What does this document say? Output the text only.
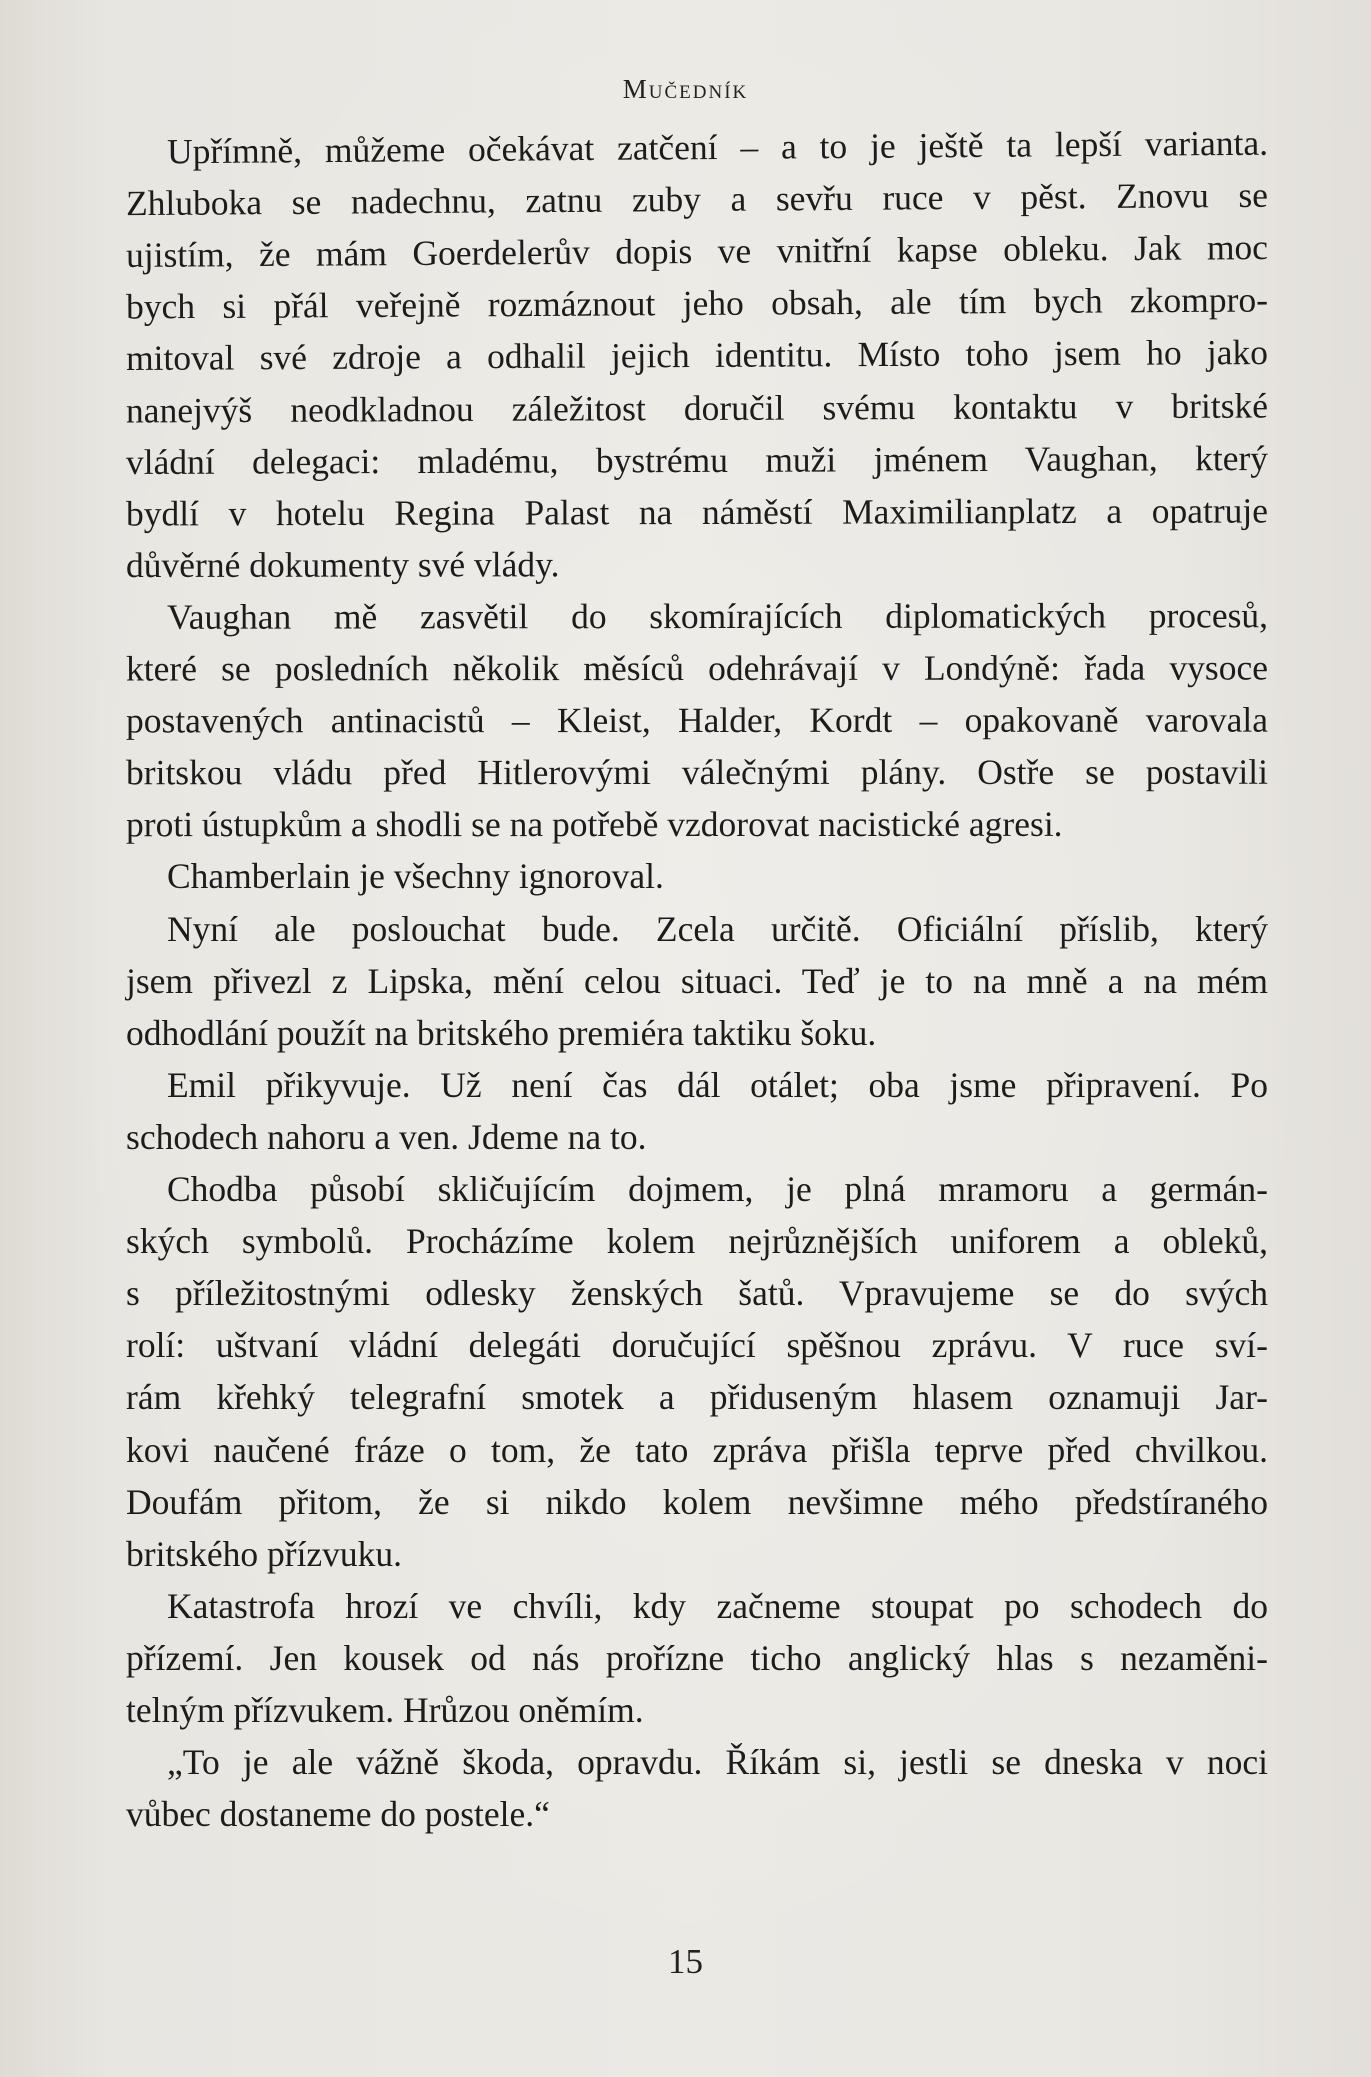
Mučedník
Upřímně, můžeme očekávat zatčení – a to je ještě ta lepší varianta.
Zhluboka se nadechnu, zatnu zuby a sevřu ruce v pěst. Znovu se
ujistím, že mám Goerdelerův dopis ve vnitřní kapse obleku. Jak moc
bych si přál veřejně rozmáznout jeho obsah, ale tím bych zkompro-
mitoval své zdroje a odhalil jejich identitu. Místo toho jsem ho jako
nanejvýš neodkladnou záležitost doručil svému kontaktu v britské
vládní delegaci: mladému, bystrému muži jménem Vaughan, který
bydlí v hotelu Regina Palast na náměstí Maximilianplatz a opatruje
důvěrné dokumenty své vlády.
Vaughan mě zasvětil do skomírajících diplomatických procesů,
které se posledních několik měsíců odehrávají v Londýně: řada vysoce
postavených antinacistů – Kleist, Halder, Kordt – opakovaně varovala
britskou vládu před Hitlerovými válečnými plány. Ostře se postavili
proti ústupkům a shodli se na potřebě vzdorovat nacistické agresi.
Chamberlain je všechny ignoroval.
Nyní ale poslouchat bude. Zcela určitě. Oficiální příslib, který
jsem přivezl z Lipska, mění celou situaci. Teď je to na mně a na mém
odhodlání použít na britského premiéra taktiku šoku.
Emil přikyvuje. Už není čas dál otálet; oba jsme připravení. Po
schodech nahoru a ven. Jdeme na to.
Chodba působí skličujícím dojmem, je plná mramoru a germán-
ských symbolů. Procházíme kolem nejrůznějších uniforem a obleků,
s příležitostnými odlesky ženských šatů. Vpravujeme se do svých
rolí: uštvaní vládní delegáti doručující spěšnou zprávu. V ruce sví-
rám křehký telegrafní smotek a přiduseným hlasem oznamuji Jar-
kovi naučené fráze o tom, že tato zpráva přišla teprve před chvilkou.
Doufám přitom, že si nikdo kolem nevšimne mého předstíraného
britského přízvuku.
Katastrofa hrozí ve chvíli, kdy začneme stoupat po schodech do
přízemí. Jen kousek od nás prořízne ticho anglický hlas s nezaměni-
telným přízvukem. Hrůzou oněmím.
„To je ale vážně škoda, opravdu. Říkám si, jestli se dneska v noci
vůbec dostaneme do postele.“
15
